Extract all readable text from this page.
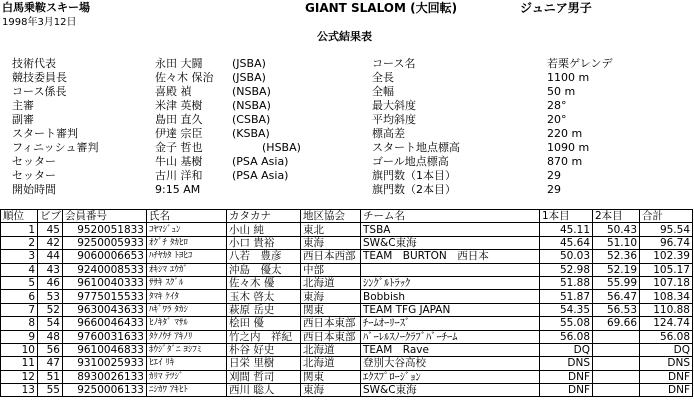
白馬乗鞍スキー場
1998年3月12日
GIANT SLALOM (大回転)	ジュニア男子
公式結果表
技術代表	永田 大闘	(JSBA)
競技委員長	佐々木 保治 (JSBA)
コース係長	喜殿 禎	(NSBA)
主審	米津 英樹	(NSBA)
副審	島田 直久	(CSBA)
スタート審判	伊達 宗臣	(KSBA)
フィニッシュ審判	金子 哲也	(HSBA)
セッター	牛山 基樹	(PSA Asia)
セッター	古川 洋和	(PSA Asia)
開始時間	9:15 AM
コース名	若栗ゲレンデ
全長	1100 m
全幅	50 m
最大斜度	28°
平均斜度	20°
標高差	220 m
スタート地点標高	1090 m
ゴール地点標高	870 m
旗門数（1本目）	29
旗門数（2本目）	29
順位	ビブ	会員番号	氏名	カタカナ	地区協会	チーム名	1本目	2本目	合計
1	45	9520051833	ｺﾔﾏｼﾞｭﾝ	小山 純	東北	TSBA	45.11	50.43	95.54
2	42	9250005933	ｵｸﾞﾁ ﾀｶﾋﾛ	小口 貴裕	東海	SW&C東海	45.64	51.10	96.74
3	44	9060006653	ﾊﾁﾔｶﾀ ﾄﾖﾋｺ	八若　豊彦	西日本西部	TEAM　BURTON　西日本	50.03	52.36	102.39
4	43	9240008533	ｵｷｼﾏ ﾕｳｶﾞ	沖島　優太	中部		52.98	52.19	105.17
5	46	9610040333	ｻｻｷ ｽｸﾞﾙ	佐々木 優	北海道	ｼﾝｸﾞﾙﾄﾗｯｸ	51.88	55.99	107.18
6	53	9775015533	ﾀﾏｷ ｹｲﾀ	玉木 啓太	東海	Bobbish	51.87	56.47	108.34
7	52	9630043633	ﾊｷﾞﾜﾗ ﾀｶｼ	萩原 岳史	関東	TEAM TFG JAPAN	54.35	56.53	110.88
8	54	9660046433	ﾋﾉｷﾀﾞ ﾏｻﾙ	桧田 優	西日本東部	ﾁｰﾑｵｰﾘｰｽﾞ	55.08	69.66	124.74
9	48	9760031633	ﾀｹﾉｳﾁ ｱｷﾉﾘ	竹之内　祥紀	西日本東部	ﾊﾞｰﾚﾙｽﾉｰｸﾗﾌﾞﾊﾞｰﾁｰﾑ	56.08		56.08
10	56	9610046833	ﾎｳｼﾞﾀﾞﾆ ﾖｼﾌﾐ	朴谷 好史	北海道	TEAM　Rave	DQ		DQ
11	47	9310025933	ﾋｴｲ ﾘｷ	日栄 里樹	北海道	登別大谷高校	DNS		DNS
12	51	8930026133	ｶﾘﾏ ﾃﾂｼﾞ	刈間 哲司	関東	ｴｸｽﾌﾟﾛｰｼﾞｮﾝ	DNF		DNF
13	55	9250006133	ﾆｼｶﾜ ｱｷﾋﾄ	西川 聡人	東海	SW&C東海	DNF		DNF
